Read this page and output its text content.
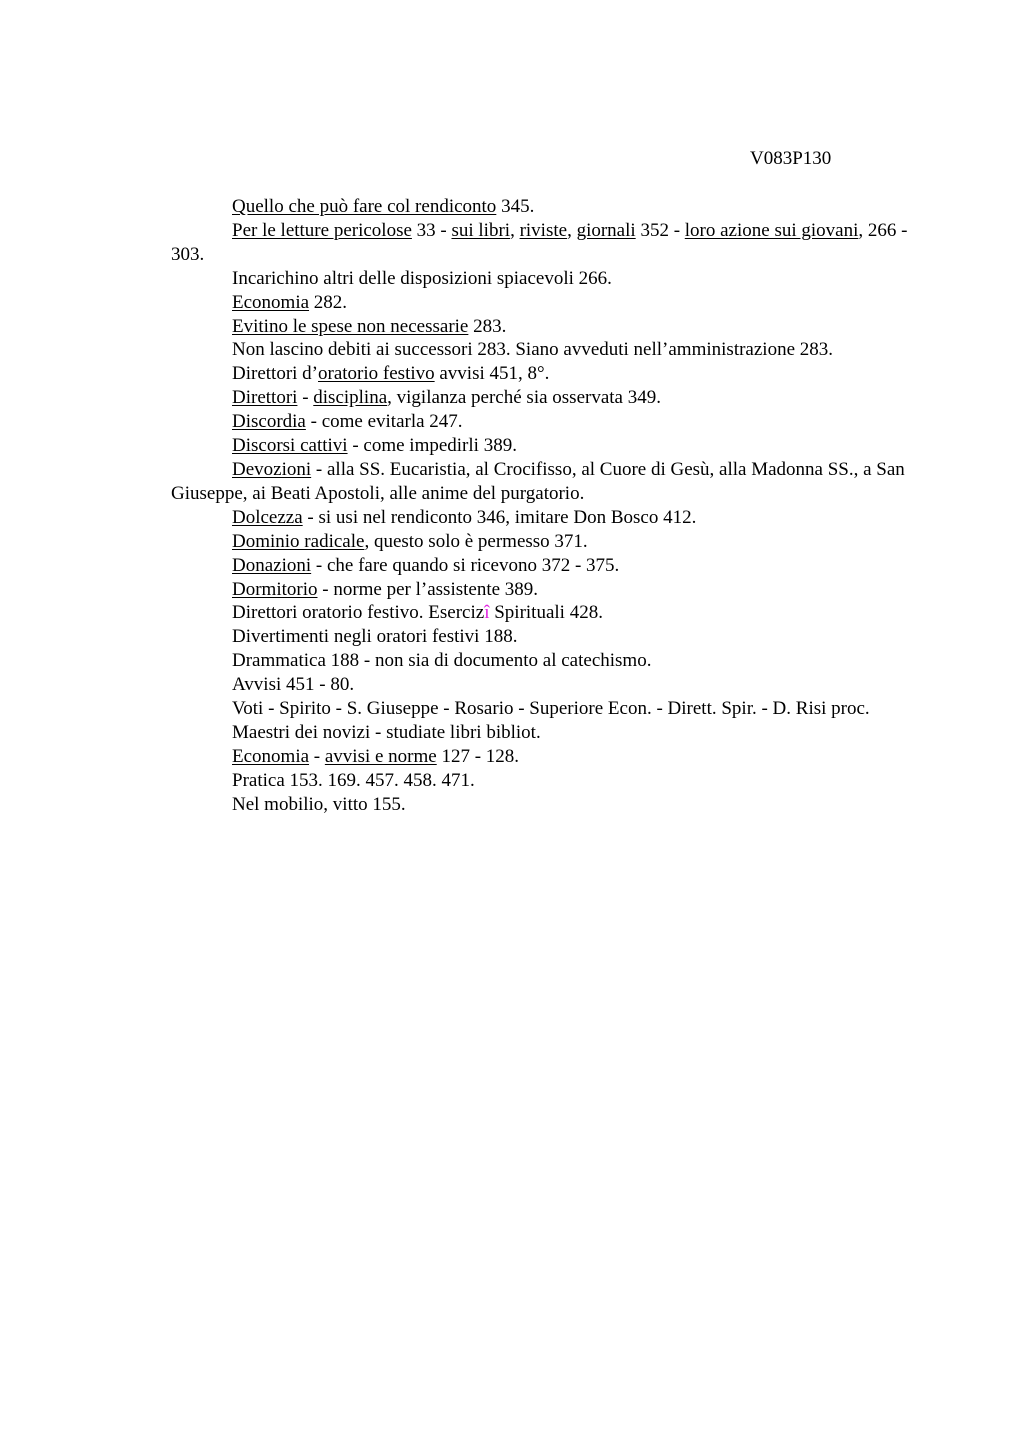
V083P130

Quello che può fare col rendiconto 345.

Per le letture pericolose 33 - sui libri, riviste, giornali 352 - loro azione sui giovani, 266 - 303.

Incarichino altri delle disposizioni spiacevoli 266.

Economia 282.

Evitino le spese non necessarie 283.

Non lascino debiti ai successori 283. Siano avveduti nell’amministrazione 283.

Direttori d’oratorio festivo avvisi 451, 8°.

Direttori - disciplina, vigilanza perché sia osservata 349.

Discordia - come evitarla 247.

Discorsi cattivi - come impedirli 389.

Devozioni - alla SS. Eucaristia, al Crocifisso, al Cuore di Gesù, alla Madonna SS., a San Giuseppe, ai Beati Apostoli, alle anime del purgatorio.

Dolcezza - si usi nel rendiconto 346, imitare Don Bosco 412.

Dominio radicale, questo solo è permesso 371.

Donazioni - che fare quando si ricevono 372 - 375.

Dormitorio - norme per l’assistente 389.

Direttori oratorio festivo. Esercizî Spirituali 428.

Divertimenti negli oratori festivi 188.

Drammatica 188 - non sia di documento al catechismo.

Avvisi 451 - 80.

Voti - Spirito - S. Giuseppe - Rosario - Superiore Econ. - Dirett. Spir. - D. Risi proc.

Maestri dei novizi - studiate libri bibliot.

Economia - avvisi e norme 127 - 128.

Pratica 153. 169. 457. 458. 471.

Nel mobilio, vitto 155.
